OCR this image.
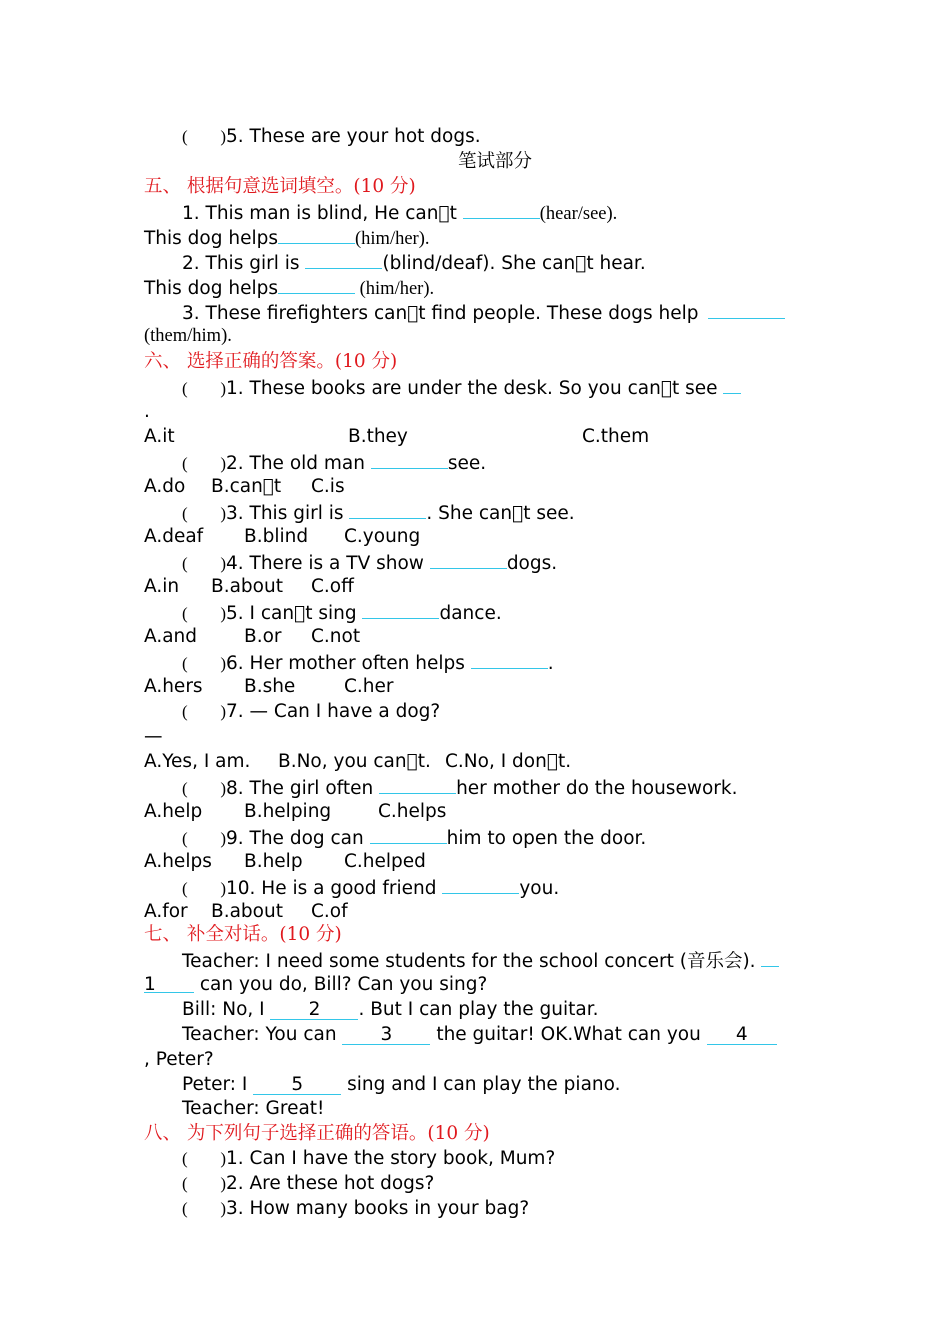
( )5. These are your hot dogs.
笔试部分
五、 根据句意选词填空。(10 分)
1. This man is blind, He can t	(hear/see).
This dog helps	(him/her).
2. This girl is	(blind/deaf). She can t hear.
This dog helps	(him/her).
3. These firefighters can t find people. These dogs help
(them/him).
六、 选择正确的答案。(10 分)
( )1. These books are under the desk. So you can t see
.
A.it	B.they	C.them
( )2. The old man	see.
A.do B.can t C.is
( )3. This girl is	. She can t see.
A.deaf B.blind C.young
( )4. There is a TV show	dogs.
A.in B.about C.off
( )5. I can t sing	dance.
A.and	B.or C.not
( )6. Her mother often helps	.
A.hers B.she	C.her
( )7. — Can I have a dog?
—
A.Yes, I am. B.No, you can t. C.No, I don t.
( )8. The girl often	her mother do the housework.
A.help B.helping	C.helps
( )9. The dog can	him to open the door.
A.helps B.help C.helped
( )10. He is a good friend	you.
A.for B.about C.of
七、 补全对话。(10 分)
Teacher: I need some students for the school concert (音乐会).
1 can you do, Bill? Can you sing?
Bill: No, I 2 . But I can play the guitar.
Teacher: You can 3 the guitar! OK.What can you 4
, Peter?
Peter: I 5 sing and I can play the piano.
Teacher: Great!
八、 为下列句子选择正确的答语。(10 分)
( )1. Can I have the story book, Mum?
( )2. Are these hot dogs?
( )3. How many books in your bag?
